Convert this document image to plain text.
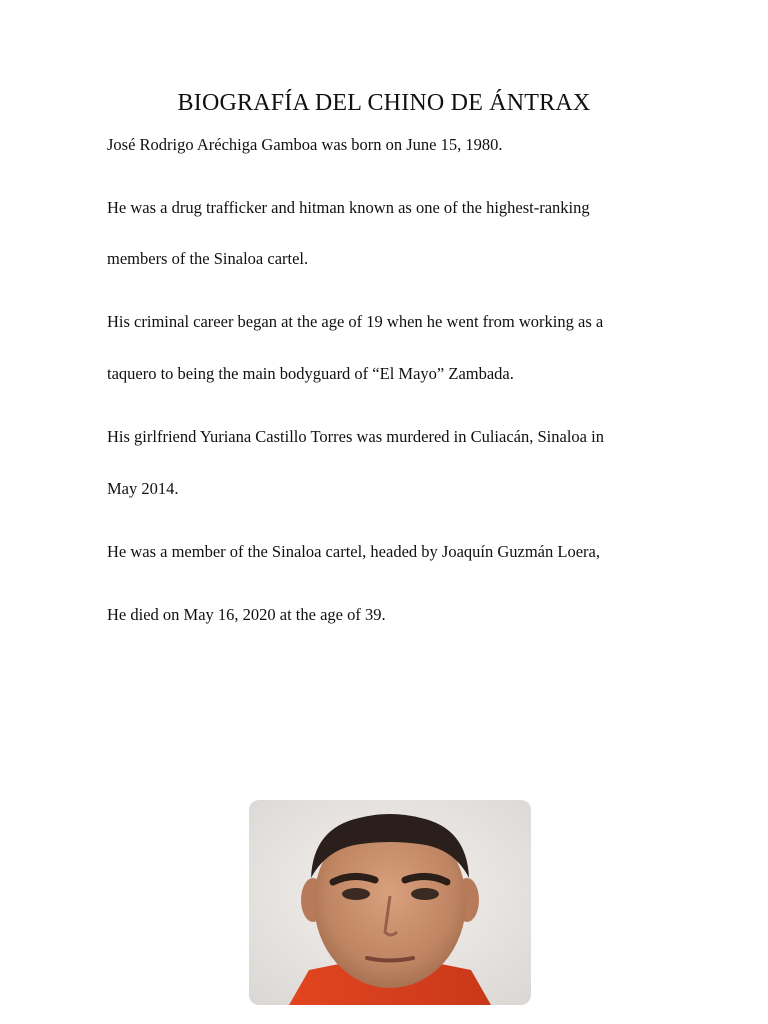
BIOGRAFÍA DEL CHINO DE ÁNTRAX

José Rodrigo Aréchiga Gamboa was born on June 15, 1980.

He was a drug trafficker and hitman known as one of the highest-ranking

members of the Sinaloa cartel.

His criminal career began at the age of 19 when he went from working as a

taquero to being the main bodyguard of “El Mayo” Zambada.

His girlfriend Yuriana Castillo Torres was murdered in Culiacán, Sinaloa in

May 2014.

He was a member of the Sinaloa cartel, headed by Joaquín Guzmán Loera,

He died on May 16, 2020 at the age of 39.
